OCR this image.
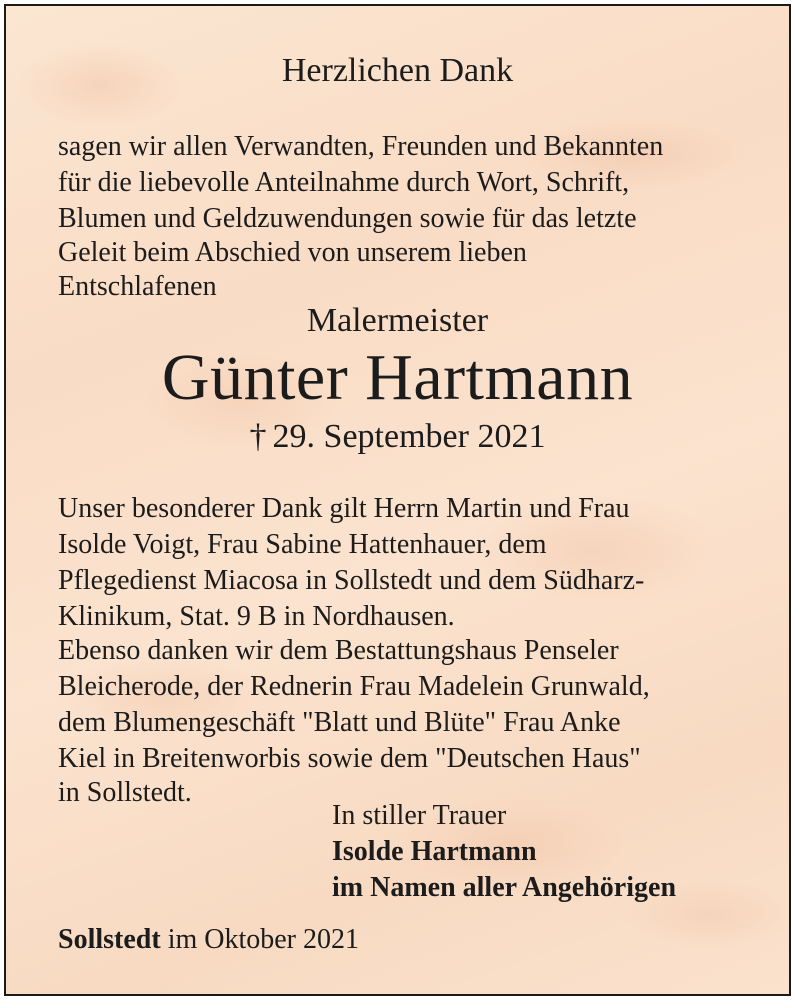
Herzlichen Dank
sagen wir allen Verwandten, Freunden und Bekannten
für die liebevolle Anteilnahme durch Wort, Schrift,
Blumen und Geldzuwendungen sowie für das letzte
Geleit beim Abschied von unserem lieben
Entschlafenen
Malermeister
Günter Hartmann
† 29. September 2021
Unser besonderer Dank gilt Herrn Martin und Frau
Isolde Voigt, Frau Sabine Hattenhauer, dem
Pflegedienst Miacosa in Sollstedt und dem Südharz-
Klinikum, Stat. 9 B in Nordhausen.
Ebenso danken wir dem Bestattungshaus Penseler
Bleicherode, der Rednerin Frau Madelein Grunwald,
dem Blumengeschäft "Blatt und Blüte" Frau Anke
Kiel in Breitenworbis sowie dem "Deutschen Haus"
in Sollstedt.
In stiller Trauer
Isolde Hartmann
im Namen aller Angehörigen
Sollstedt im Oktober 2021
